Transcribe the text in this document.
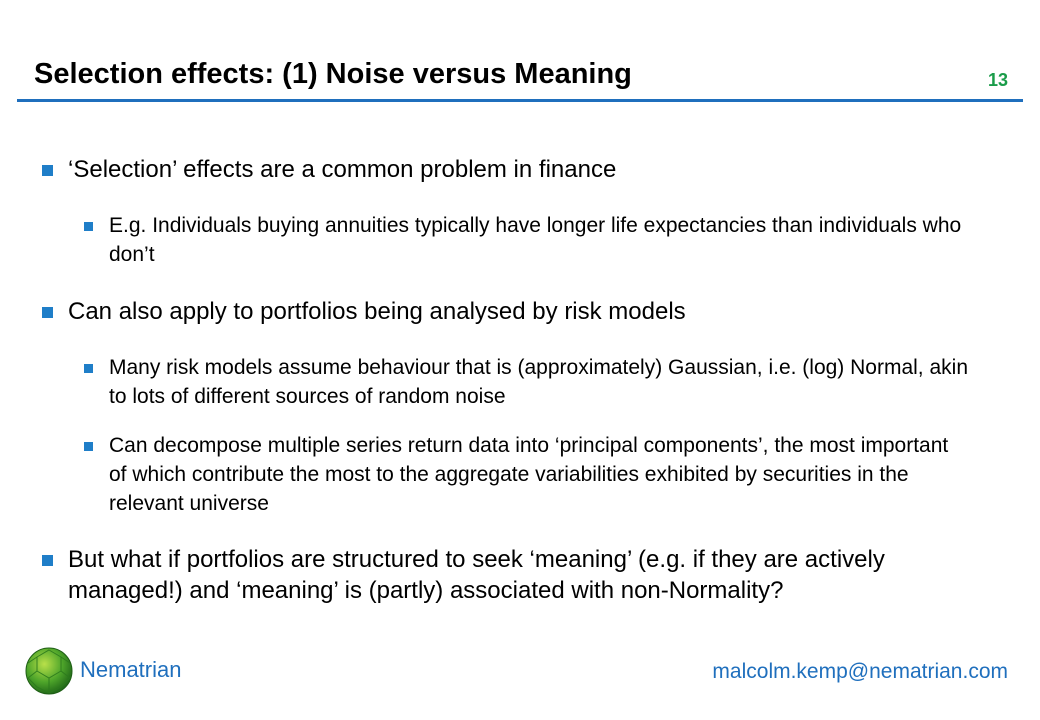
Selection effects: (1) Noise versus Meaning	13
‘Selection’ effects are a common problem in finance
E.g. Individuals buying annuities typically have longer life expectancies than individuals who don’t
Can also apply to portfolios being analysed by risk models
Many risk models assume behaviour that is (approximately) Gaussian, i.e. (log) Normal, akin to lots of different sources of random noise
Can decompose multiple series return data into ‘principal components’, the most important of which contribute the most to the aggregate variabilities exhibited by securities in the relevant universe
But what if portfolios are structured to seek ‘meaning’ (e.g. if they are actively managed!) and ‘meaning’ is (partly) associated with non-Normality?
Nematrian	malcolm.kemp@nematrian.com
